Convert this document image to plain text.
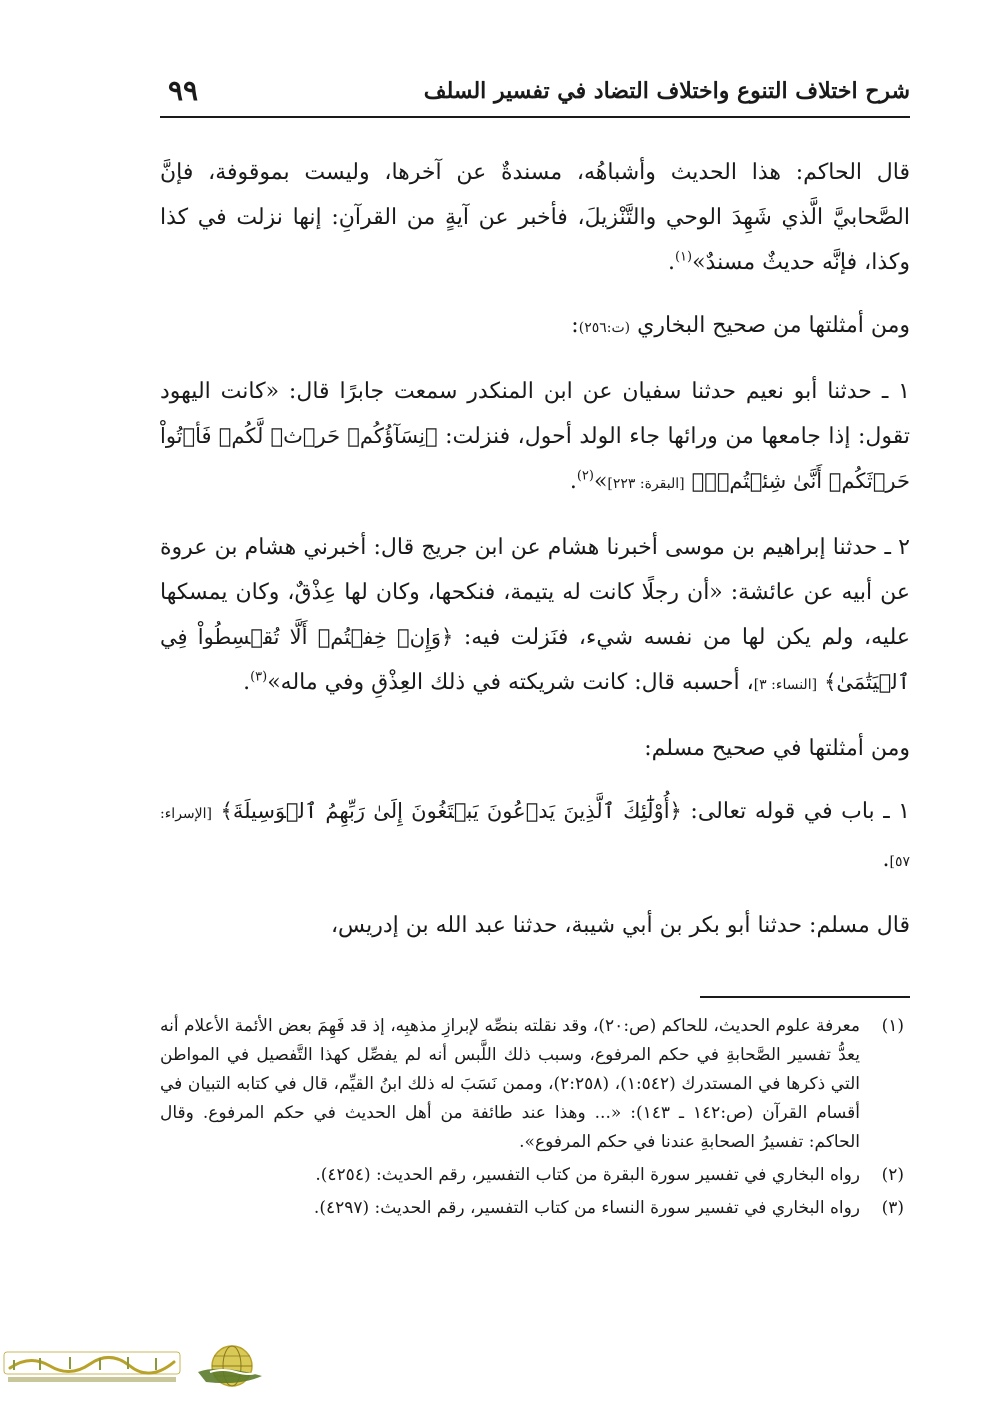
شرح اختلاف التنوع واختلاف التضاد في تفسير السلف
٩٩

قال الحاكم: هذا الحديث وأشباهُه، مسندةٌ عن آخرها، وليست بموقوفة، فإنَّ الصَّحابيَّ الَّذي شَهِدَ الوحي والتَّنْزيلَ، فأخبر عن آيةٍ من القرآنِ: إنها نزلت في كذا وكذا، فإنَّه حديثٌ مسندٌ»$^{(١)}$.

ومن أمثلتها من صحيح البخاري (ت:٢٥٦):

١ ـ حدثنا أبو نعيم حدثنا سفيان عن ابن المنكدر سمعت جابرًا قال: «كانت اليهود تقول: إذا جامعها من ورائها جاء الولد أحول، فنزلت: ﴿نِسَآؤُكُمۡ حَرۡثٞ لَّكُمۡ فَأۡتُواْ حَرۡثَكُمۡ أَنَّىٰ شِئۡتُمۡۖ﴾ [البقرة: ٢٢٣]»$^{(٢)}$.

٢ ـ حدثنا إبراهيم بن موسى أخبرنا هشام عن ابن جريج قال: أخبرني هشام بن عروة عن أبيه عن عائشة: «أن رجلًا كانت له يتيمة، فنكحها، وكان لها عِذْقٌ، وكان يمسكها عليه، ولم يكن لها من نفسه شيء، فنَزلت فيه: ﴿وَإِنۡ خِفۡتُمۡ أَلَّا تُقۡسِطُواْ فِي ٱلۡيَتَٰمَىٰ﴾ [النساء: ٣]، أحسبه قال: كانت شريكته في ذلك العِذْقِ وفي ماله»$^{(٣)}$.

ومن أمثلتها في صحيح مسلم:

١ ـ باب في قوله تعالى: ﴿أُوْلَٰٓئِكَ ٱلَّذِينَ يَدۡعُونَ يَبۡتَغُونَ إِلَىٰ رَبِّهِمُ ٱلۡوَسِيلَةَ﴾ [الإسراء: ٥٧].

قال مسلم: حدثنا أبو بكر بن أبي شيبة، حدثنا عبد الله بن إدريس،

(١)
معرفة علوم الحديث، للحاكم (ص:٢٠)، وقد نقلته بنصِّه لإبرازِ مذهبِه، إذ قد فَهِمَ بعض الأئمة الأعلام أنه يعدُّ تفسير الصَّحابةِ في حكم المرفوع، وسبب ذلك اللَّبس أنه لم يفصِّل كهذا التَّفصيل في المواطن التي ذكرها في المستدرك (١:٥٤٢)، (٢:٢٥٨)، وممن نَسَبَ له ذلك ابنُ القيِّم، قال في كتابه التبيان في أقسام القرآن (ص:١٤٢ ـ ١٤٣): «... وهذا عند طائفة من أهل الحديث في حكم المرفوع. وقال الحاكم: تفسيرُ الصحابةِ عندنا في حكم المرفوع».
(٢)
رواه البخاري في تفسير سورة البقرة من كتاب التفسير، رقم الحديث: (٤٢٥٤).
(٣)
رواه البخاري في تفسير سورة النساء من كتاب التفسير، رقم الحديث: (٤٢٩٧).
